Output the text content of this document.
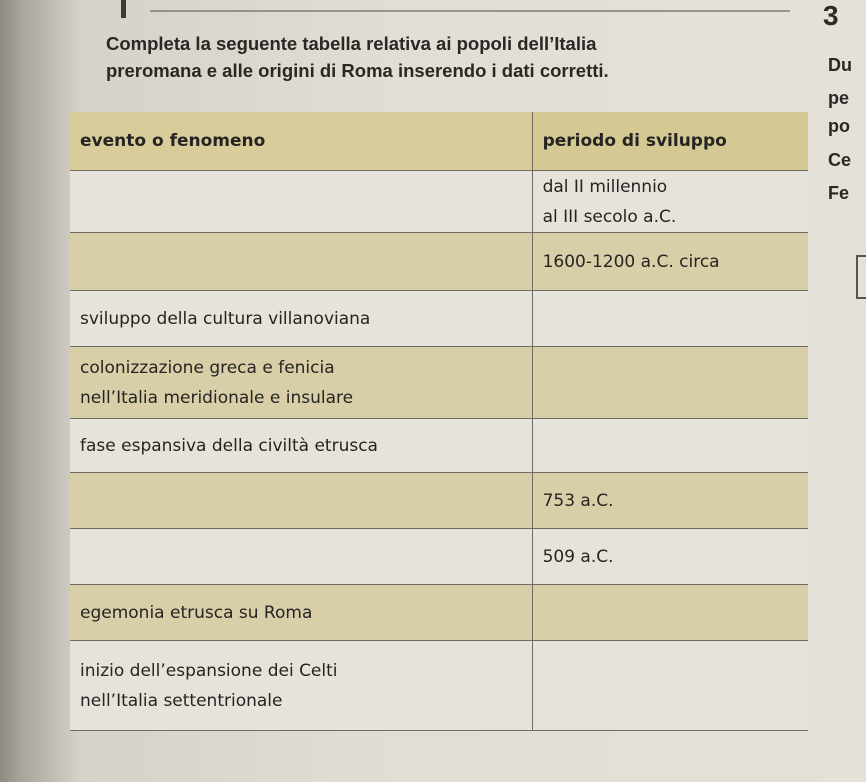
3
Completa la seguente tabella relativa ai popoli dell’Italia
preromana e alle origini di Roma inserendo i dati corretti.	Du
pe
po
Ce
Fe
evento o fenomeno	periodo di sviluppo

	dal II millennio
al III secolo a.C.

	1600-1200 a.C. circa
sviluppo della cultura villanoviana	

colonizzazione greca e fenicia
nell’Italia meridionale e insulare	

fase espansiva della civiltà etrusca	
	753 a.C.
	509 a.C.
egemonia etrusca su Roma	

inizio dell’espansione dei Celti
nell’Italia settentrionale	
